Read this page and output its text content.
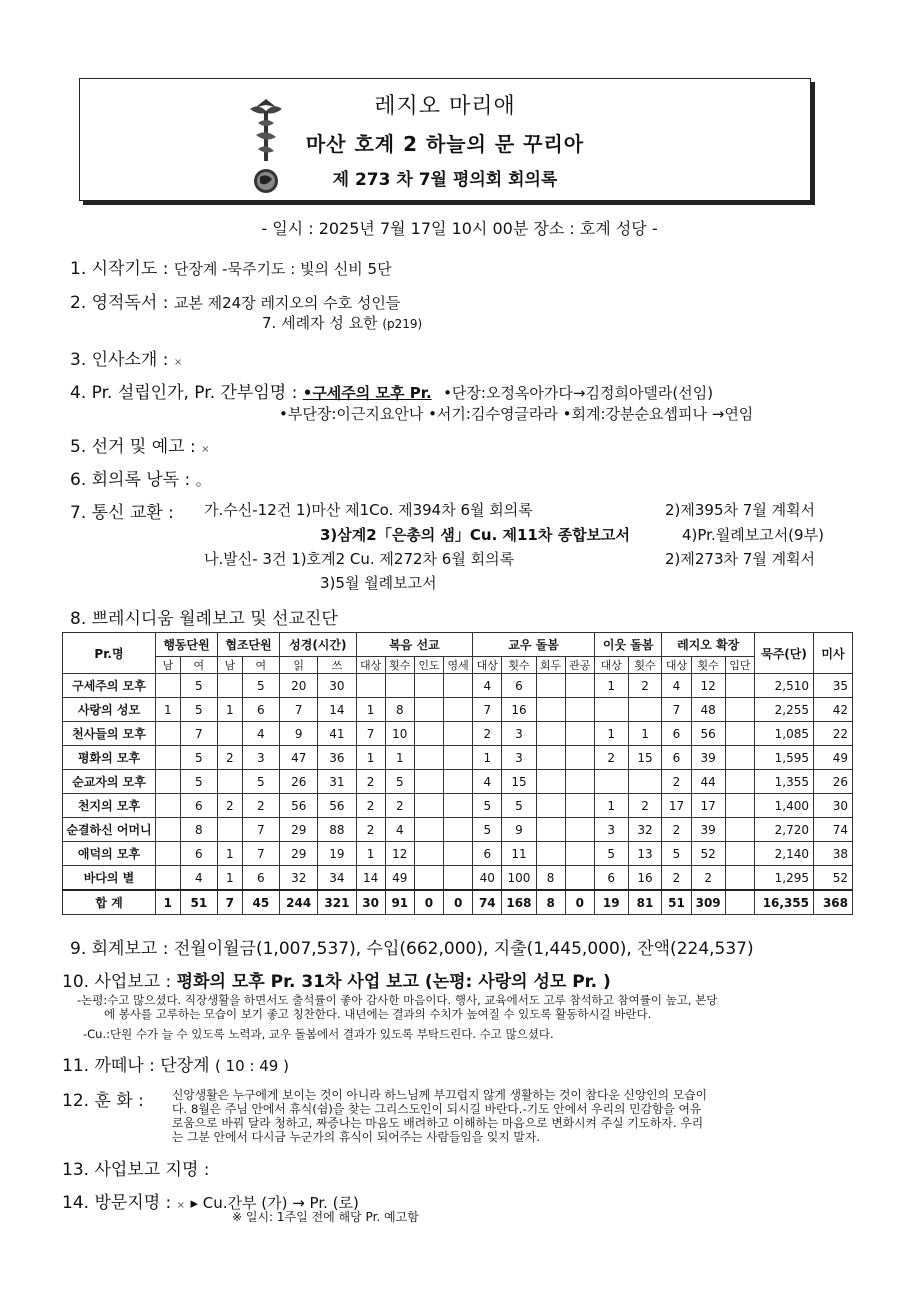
레지오 마리애
마산 호계 2 하늘의 문 꾸리아
제 273 차 7월 평의회 회의록
- 일시 : 2025년 7월 17일 10시 00분 장소 : 호계 성당 -
1. 시작기도 : 단장계 -묵주기도 : 빛의 신비 5단
2. 영적독서 : 교본 제24장 레지오의 수호 성인들
7. 세례자 성 요한 (p219)
3. 인사소개 : ×
4. Pr. 설립인가, Pr. 간부임명 : •구세주의 모후 Pr. •단장:오정옥아가다→김정희아델라(선임)
•부단장:이근지요안나 •서기:김수영글라라 •회계:강분순요셉피나 →연임
5. 선거 및 예고 : ×
6. 회의록 낭독 : 。
7. 통신 교환 : 가.수신-12건 1)마산 제1Co. 제394차 6월 회의록	2)제395차 7월 계획서
3)삼계2「은총의 샘」Cu. 제11차 종합보고서	4)Pr.월례보고서(9부)
나.발신- 3건 1)호계2 Cu. 제272차 6월 회의록	2)제273차 7월 계획서
3)5월 월례보고서
8. 쁘레시디움 월례보고 및 선교진단
Pr.명	행동단원		협조단원		성경(시간)		복음 선교				교우 돌봄				이웃 돌봄		레지오 확장			묵주(단)	미사
	남	여	남	여	읽	쓰	대상	횟수	인도	영세	대상	횟수	회두	관공	대상	횟수	대상	횟수	입단		
구세주의 모후		5		5	20	30					4	6			1	2	4	12		2,510	35
사랑의 성모	1	5	1	6	7	14	1	8			7	16					7	48		2,255	42
천사들의 모후		7		4	9	41	7	10			2	3			1	1	6	56		1,085	22
평화의 모후		5	2	3	47	36	1	1			1	3			2	15	6	39		1,595	49
순교자의 모후		5		5	26	31	2	5			4	15					2	44		1,355	26
천지의 모후		6	2	2	56	56	2	2			5	5			1	2	17	17		1,400	30
순결하신 어머니		8		7	29	88	2	4			5	9			3	32	2	39		2,720	74
애덕의 모후		6	1	7	29	19	1	12			6	11			5	13	5	52		2,140	38
바다의 별		4	1	6	32	34	14	49			40	100	8		6	16	2	2		1,295	52
합 계	1	51	7	45	244	321	30	91	0	0	74	168	8	0	19	81	51	309		16,355	368
9. 회계보고 : 전월이월금(1,007,537), 수입(662,000), 지출(1,445,000), 잔액(224,537)
10. 사업보고 : 평화의 모후 Pr. 31차 사업 보고 (논평: 사랑의 성모 Pr. )
-논평:수고 많으셨다. 직장생활을 하면서도 출석률이 좋아 감사한 마음이다. 행사, 교육에서도 고루 참석하고 참여률이 높고, 본당
에 봉사를 고루하는 모습이 보기 좋고 칭찬한다. 내년에는 결과의 수치가 높여질 수 있도록 활동하시길 바란다.
-Cu.:단원 수가 늘 수 있도록 노력과, 교우 돌봄에서 결과가 있도록 부탁드린다. 수고 많으셨다.
11. 까떼나 : 단장계 ( 10 : 49 )
12. 훈 화 : 신앙생활은 누구에게 보이는 것이 아니라 하느님께 부끄럽지 않게 생활하는 것이 참다운 신앙인의 모습이
다. 8월은 주님 안에서 휴식(쉼)을 찾는 그리스도인이 되시길 바란다.-기도 안에서 우리의 민감함을 여유
로움으로 바꿔 달라 청하고, 짜증나는 마음도 배려하고 이해하는 마음으로 변화시켜 주실 기도하자. 우리
는 그분 안에서 다시금 누군가의 휴식이 되어주는 사람들임을 잊지 말자.
13. 사업보고 지명 :
14. 방문지명 : × ▸ Cu.간부 (가) → Pr. (로)
※ 일시: 1주일 전에 해당 Pr. 예고함
